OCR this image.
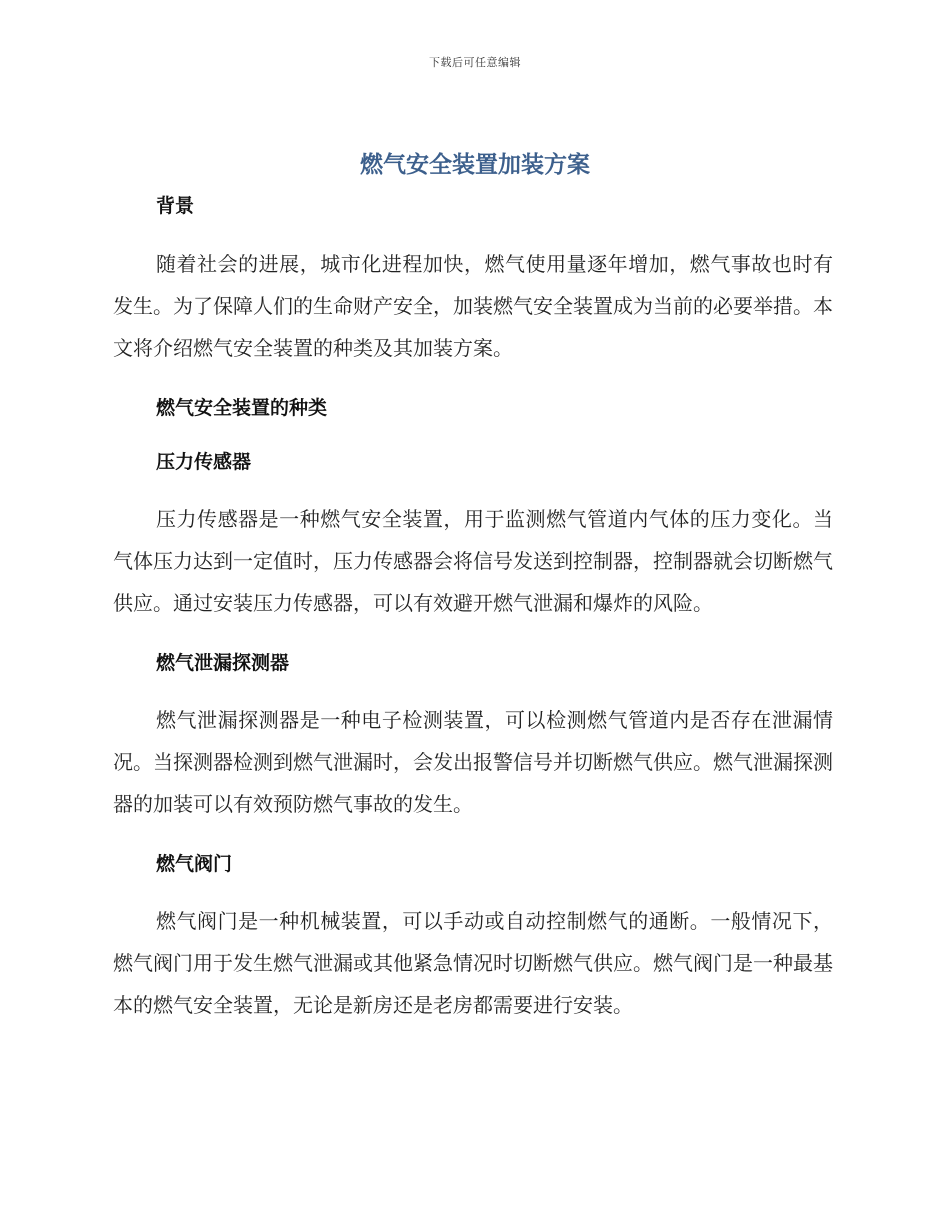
下载后可任意编辑
燃气安全装置加装方案
背景

随着社会的进展，城市化进程加快，燃气使用量逐年增加，燃气事故也时有发生。为了保障人们的生命财产安全，加装燃气安全装置成为当前的必要举措。本文将介绍燃气安全装置的种类及其加装方案。

燃气安全装置的种类
压力传感器

压力传感器是一种燃气安全装置，用于监测燃气管道内气体的压力变化。当气体压力达到一定值时，压力传感器会将信号发送到控制器，控制器就会切断燃气供应。通过安装压力传感器，可以有效避开燃气泄漏和爆炸的风险。

燃气泄漏探测器

燃气泄漏探测器是一种电子检测装置，可以检测燃气管道内是否存在泄漏情况。当探测器检测到燃气泄漏时，会发出报警信号并切断燃气供应。燃气泄漏探测器的加装可以有效预防燃气事故的发生。

燃气阀门

燃气阀门是一种机械装置，可以手动或自动控制燃气的通断。一般情况下，燃气阀门用于发生燃气泄漏或其他紧急情况时切断燃气供应。燃气阀门是一种最基本的燃气安全装置，无论是新房还是老房都需要进行安装。
